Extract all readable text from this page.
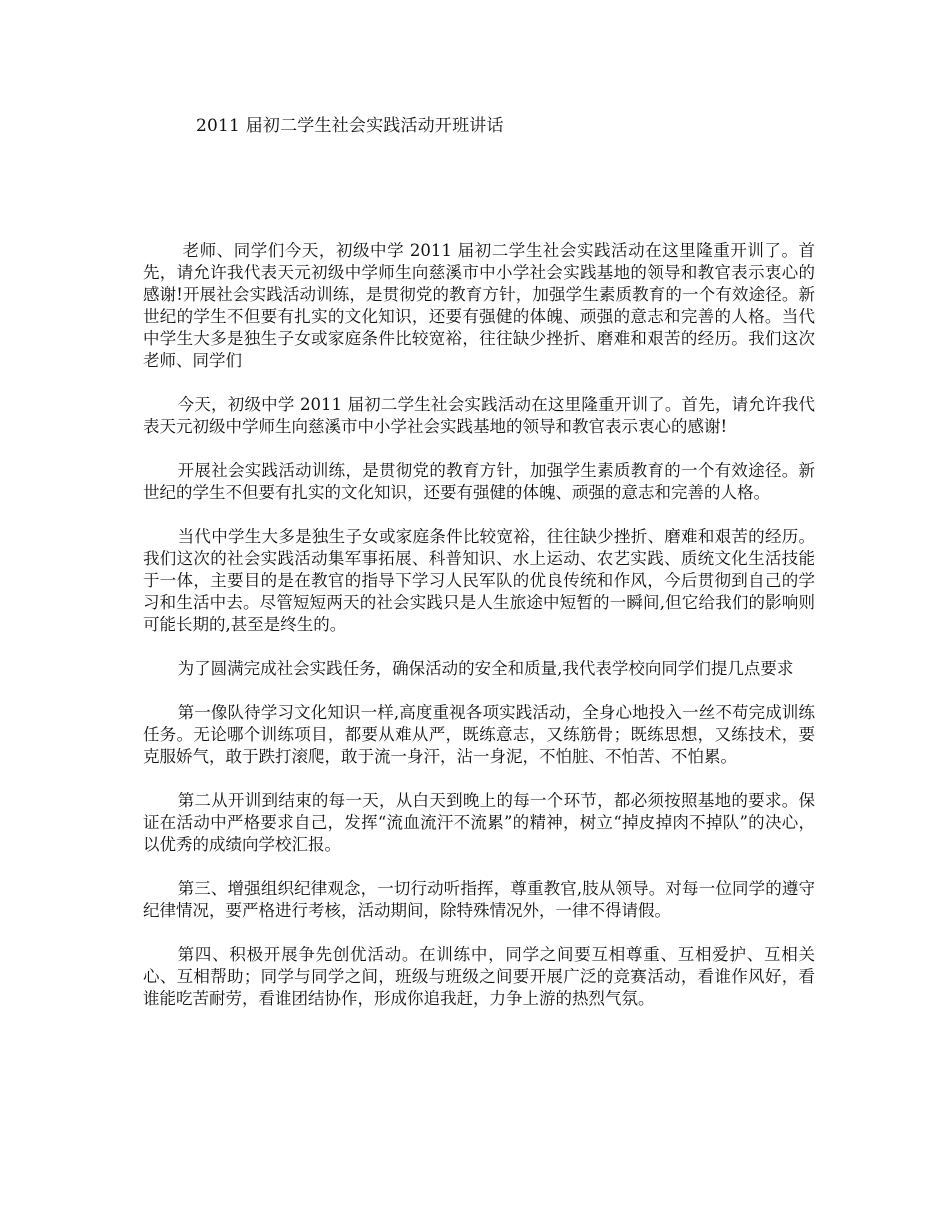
2011 届初二学生社会实践活动开班讲话

老师、同学们今天，初级中学 2011 届初二学生社会实践活动在这里隆重开训了。首先，请允许我代表天元初级中学师生向慈溪市中小学社会实践基地的领导和教官表示衷心的感谢!开展社会实践活动训练，是贯彻党的教育方针，加强学生素质教育的一个有效途径。新世纪的学生不但要有扎实的文化知识，还要有强健的体魄、顽强的意志和完善的人格。当代中学生大多是独生子女或家庭条件比较宽裕，往往缺少挫折、磨难和艰苦的经历。我们这次老师、同学们

今天，初级中学 2011 届初二学生社会实践活动在这里隆重开训了。首先，请允许我代表天元初级中学师生向慈溪市中小学社会实践基地的领导和教官表示衷心的感谢!

开展社会实践活动训练，是贯彻党的教育方针，加强学生素质教育的一个有效途径。新世纪的学生不但要有扎实的文化知识，还要有强健的体魄、顽强的意志和完善的人格。

当代中学生大多是独生子女或家庭条件比较宽裕，往往缺少挫折、磨难和艰苦的经历。我们这次的社会实践活动集军事拓展、科普知识、水上运动、农艺实践、质统文化生活技能于一体，主要目的是在教官的指导下学习人民军队的优良传统和作风，今后贯彻到自己的学习和生活中去。尽管短短两天的社会实践只是人生旅途中短暂的一瞬间,但它给我们的影响则可能长期的,甚至是终生的。

为了圆满完成社会实践任务，确保活动的安全和质量,我代表学校向同学们提几点要求

第一像队待学习文化知识一样,高度重视各项实践活动，全身心地投入一丝不苟完成训练任务。无论哪个训练项目，都要从难从严，既练意志，又练筋骨；既练思想，又练技术，要克服娇气，敢于跌打滚爬，敢于流一身汗，沾一身泥，不怕脏、不怕苦、不怕累。

第二从开训到结束的每一天，从白天到晚上的每一个环节，都必须按照基地的要求。保证在活动中严格要求自己，发挥“流血流汗不流累”的精神，树立“掉皮掉肉不掉队”的决心，以优秀的成绩向学校汇报。

第三、增强组织纪律观念，一切行动听指挥，尊重教官,肢从领导。对每一位同学的遵守纪律情况，要严格进行考核，活动期间，除特殊情况外，一律不得请假。

第四、积极开展争先创优活动。在训练中，同学之间要互相尊重、互相爱护、互相关心、互相帮助；同学与同学之间，班级与班级之间要开展广泛的竞赛活动，看谁作风好，看谁能吃苦耐劳，看谁团结协作，形成你追我赶，力争上游的热烈气氛。
